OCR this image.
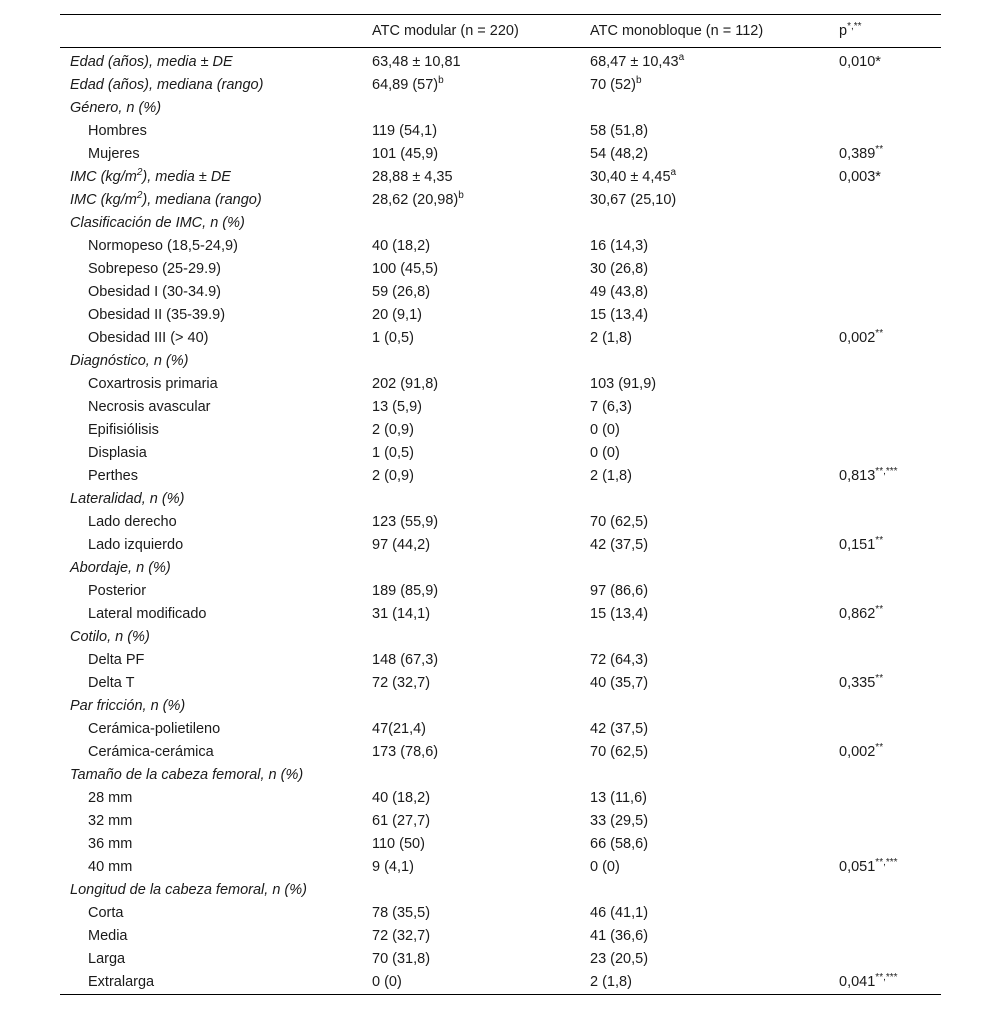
	ATC modular (n = 220)	ATC monobloque (n = 112)	p*,**
Edad (años), media ± DE	63,48 ± 10,81	68,47 ± 10,43$^a$	0,010*
Edad (años), mediana (rango)	64,89 $(57)^b$	70 $(52)^b$	
Género, n (%)			
Hombres	119 (54,1)	58 (51,8)	
Mujeres	101 (45,9)	54 (48,2)	0,389**
IMC $(kg/m^2)$, media ± DE	28,88 ± 4,35	30,40 ± 4,45$^a$	0,003*
IMC $(kg/m^2)$, mediana (rango)	28,62 $(20,98)^b$	30,67 (25,10)	
Clasificación de IMC, n (%)			
Normopeso (18,5-24,9)	40 (18,2)	16 (14,3)	
Sobrepeso (25-29.9)	100 (45,5)	30 (26,8)	
Obesidad I (30-34.9)	59 (26,8)	49 (43,8)	
Obesidad II (35-39.9)	20 (9,1)	15 (13,4)	
Obesidad III (> 40)	1 (0,5)	2 (1,8)	0,002**
Diagnóstico, n (%)			
Coxartrosis primaria	202 (91,8)	103 (91,9)	
Necrosis avascular	13 (5,9)	7 (6,3)	
Epifisiólisis	2 (0,9)	0 (0)	
Displasia	1 (0,5)	0 (0)	
Perthes	2 (0,9)	2 (1,8)	0,813**,***
Lateralidad, n (%)			
Lado derecho	123 (55,9)	70 (62,5)	
Lado izquierdo	97 (44,2)	42 (37,5)	0,151**
Abordaje, n (%)			
Posterior	189 (85,9)	97 (86,6)	
Lateral modificado	31 (14,1)	15 (13,4)	0,862**
Cotilo, n (%)			
Delta PF	148 (67,3)	72 (64,3)	
Delta T	72 (32,7)	40 (35,7)	0,335**
Par fricción, n (%)			
Cerámica-polietileno	47(21,4)	42 (37,5)	
Cerámica-cerámica	173 (78,6)	70 (62,5)	0,002**
Tamaño de la cabeza femoral, n (%)			
28 mm	40 (18,2)	13 (11,6)	
32 mm	61 (27,7)	33 (29,5)	
36 mm	110 (50)	66 (58,6)	
40 mm	9 (4,1)	0 (0)	0,051**,***
Longitud de la cabeza femoral, n (%)			
Corta	78 (35,5)	46 (41,1)	
Media	72 (32,7)	41 (36,6)	
Larga	70 (31,8)	23 (20,5)	
Extralarga	0 (0)	2 (1,8)	0,041**,***
